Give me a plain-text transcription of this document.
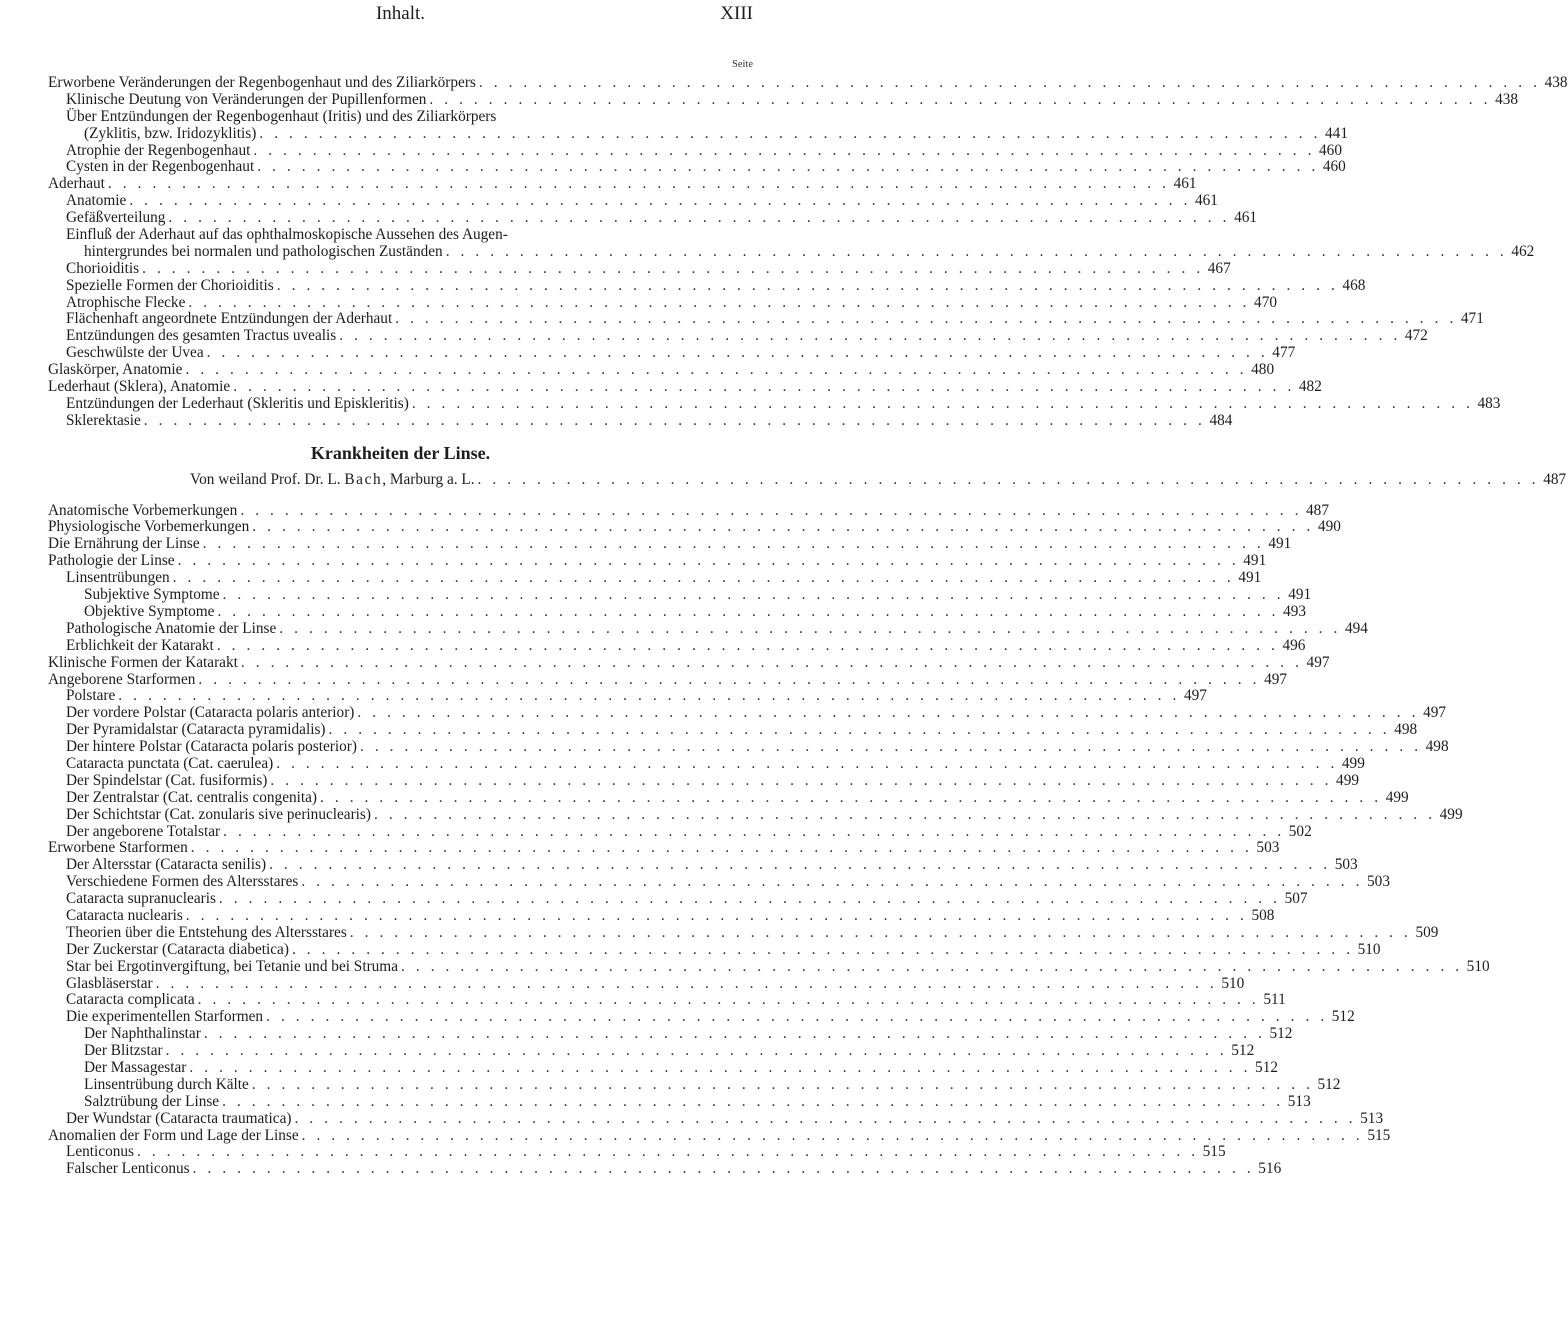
Inhalt.	XIII
Seite
Erworbene Veränderungen der Regenbogenhaut und des Ziliarkörpers . . . . . . . . . . . . . . . . . . . . . . . . . . . . . . . . . . . . . . . . . . . . . . . . . . . . . . . . . . . . . . . . . . . . . . . . 438
Klinische Deutung von Veränderungen der Pupillenformen . . . . . . . . . . . . . . . . . . . . . . . . . . . . . . . . . . . . . . . . . . . . . . . . . . . . . . . . . . . . . . . . . . . . . . . . 438
Über Entzündungen der Regenbogenhaut (Iritis) und des Ziliarkörpers
(Zyklitis, bzw. Iridozyklitis) . . . . . . . . . . . . . . . . . . . . . . . . . . . . . . . . . . . . . . . . . . . . . . . . . . . . . . . . . . . . . . . . . . . . . . . . 441
Atrophie der Regenbogenhaut . . . . . . . . . . . . . . . . . . . . . . . . . . . . . . . . . . . . . . . . . . . . . . . . . . . . . . . . . . . . . . . . . . . . . . . . 460
Cysten in der Regenbogenhaut . . . . . . . . . . . . . . . . . . . . . . . . . . . . . . . . . . . . . . . . . . . . . . . . . . . . . . . . . . . . . . . . . . . . . . . . 460
Aderhaut . . . . . . . . . . . . . . . . . . . . . . . . . . . . . . . . . . . . . . . . . . . . . . . . . . . . . . . . . . . . . . . . . . . . . . . . 461
Anatomie . . . . . . . . . . . . . . . . . . . . . . . . . . . . . . . . . . . . . . . . . . . . . . . . . . . . . . . . . . . . . . . . . . . . . . . . 461
Gefäßverteilung . . . . . . . . . . . . . . . . . . . . . . . . . . . . . . . . . . . . . . . . . . . . . . . . . . . . . . . . . . . . . . . . . . . . . . . . 461
Einfluß der Aderhaut auf das ophthalmoskopische Aussehen des Augen-
hintergrundes bei normalen und pathologischen Zuständen . . . . . . . . . . . . . . . . . . . . . . . . . . . . . . . . . . . . . . . . . . . . . . . . . . . . . . . . . . . . . . . . . . . . . . . . 462
Chorioiditis . . . . . . . . . . . . . . . . . . . . . . . . . . . . . . . . . . . . . . . . . . . . . . . . . . . . . . . . . . . . . . . . . . . . . . . . 467
Spezielle Formen der Chorioiditis . . . . . . . . . . . . . . . . . . . . . . . . . . . . . . . . . . . . . . . . . . . . . . . . . . . . . . . . . . . . . . . . . . . . . . . . 468
Atrophische Flecke . . . . . . . . . . . . . . . . . . . . . . . . . . . . . . . . . . . . . . . . . . . . . . . . . . . . . . . . . . . . . . . . . . . . . . . . 470
Flächenhaft angeordnete Entzündungen der Aderhaut . . . . . . . . . . . . . . . . . . . . . . . . . . . . . . . . . . . . . . . . . . . . . . . . . . . . . . . . . . . . . . . . . . . . . . . . 471
Entzündungen des gesamten Tractus uvealis . . . . . . . . . . . . . . . . . . . . . . . . . . . . . . . . . . . . . . . . . . . . . . . . . . . . . . . . . . . . . . . . . . . . . . . . 472
Geschwülste der Uvea . . . . . . . . . . . . . . . . . . . . . . . . . . . . . . . . . . . . . . . . . . . . . . . . . . . . . . . . . . . . . . . . . . . . . . . . 477
Glaskörper, Anatomie . . . . . . . . . . . . . . . . . . . . . . . . . . . . . . . . . . . . . . . . . . . . . . . . . . . . . . . . . . . . . . . . . . . . . . . . 480
Lederhaut (Sklera), Anatomie . . . . . . . . . . . . . . . . . . . . . . . . . . . . . . . . . . . . . . . . . . . . . . . . . . . . . . . . . . . . . . . . . . . . . . . . 482
Entzündungen der Lederhaut (Skleritis und Episkleritis) . . . . . . . . . . . . . . . . . . . . . . . . . . . . . . . . . . . . . . . . . . . . . . . . . . . . . . . . . . . . . . . . . . . . . . . . 483
Sklerektasie . . . . . . . . . . . . . . . . . . . . . . . . . . . . . . . . . . . . . . . . . . . . . . . . . . . . . . . . . . . . . . . . . . . . . . . . 484
Krankheiten der Linse.
Von weiland Prof. Dr. L. Bach, Marburg a. L. . . . . . . . . . . . . . . . . . . . . . . . . . . . . . . . . . . . . . . . . . . . . . . . . . . . . . . . . . . . . . . . . . . . . . . . . 487
Anatomische Vorbemerkungen . . . . . . . . . . . . . . . . . . . . . . . . . . . . . . . . . . . . . . . . . . . . . . . . . . . . . . . . . . . . . . . . . . . . . . . . 487
Physiologische Vorbemerkungen . . . . . . . . . . . . . . . . . . . . . . . . . . . . . . . . . . . . . . . . . . . . . . . . . . . . . . . . . . . . . . . . . . . . . . . . 490
Die Ernährung der Linse . . . . . . . . . . . . . . . . . . . . . . . . . . . . . . . . . . . . . . . . . . . . . . . . . . . . . . . . . . . . . . . . . . . . . . . . 491
Pathologie der Linse . . . . . . . . . . . . . . . . . . . . . . . . . . . . . . . . . . . . . . . . . . . . . . . . . . . . . . . . . . . . . . . . . . . . . . . . 491
Linsentrübungen . . . . . . . . . . . . . . . . . . . . . . . . . . . . . . . . . . . . . . . . . . . . . . . . . . . . . . . . . . . . . . . . . . . . . . . . 491
Subjektive Symptome . . . . . . . . . . . . . . . . . . . . . . . . . . . . . . . . . . . . . . . . . . . . . . . . . . . . . . . . . . . . . . . . . . . . . . . . 491
Objektive Symptome . . . . . . . . . . . . . . . . . . . . . . . . . . . . . . . . . . . . . . . . . . . . . . . . . . . . . . . . . . . . . . . . . . . . . . . . 493
Pathologische Anatomie der Linse . . . . . . . . . . . . . . . . . . . . . . . . . . . . . . . . . . . . . . . . . . . . . . . . . . . . . . . . . . . . . . . . . . . . . . . . 494
Erblichkeit der Katarakt . . . . . . . . . . . . . . . . . . . . . . . . . . . . . . . . . . . . . . . . . . . . . . . . . . . . . . . . . . . . . . . . . . . . . . . . 496
Klinische Formen der Katarakt . . . . . . . . . . . . . . . . . . . . . . . . . . . . . . . . . . . . . . . . . . . . . . . . . . . . . . . . . . . . . . . . . . . . . . . . 497
Angeborene Starformen . . . . . . . . . . . . . . . . . . . . . . . . . . . . . . . . . . . . . . . . . . . . . . . . . . . . . . . . . . . . . . . . . . . . . . . . 497
Polstare . . . . . . . . . . . . . . . . . . . . . . . . . . . . . . . . . . . . . . . . . . . . . . . . . . . . . . . . . . . . . . . . . . . . . . . . 497
Der vordere Polstar (Cataracta polaris anterior) . . . . . . . . . . . . . . . . . . . . . . . . . . . . . . . . . . . . . . . . . . . . . . . . . . . . . . . . . . . . . . . . . . . . . . . . 497
Der Pyramidalstar (Cataracta pyramidalis) . . . . . . . . . . . . . . . . . . . . . . . . . . . . . . . . . . . . . . . . . . . . . . . . . . . . . . . . . . . . . . . . . . . . . . . . 498
Der hintere Polstar (Cataracta polaris posterior) . . . . . . . . . . . . . . . . . . . . . . . . . . . . . . . . . . . . . . . . . . . . . . . . . . . . . . . . . . . . . . . . . . . . . . . . 498
Cataracta punctata (Cat. caerulea) . . . . . . . . . . . . . . . . . . . . . . . . . . . . . . . . . . . . . . . . . . . . . . . . . . . . . . . . . . . . . . . . . . . . . . . . 499
Der Spindelstar (Cat. fusiformis) . . . . . . . . . . . . . . . . . . . . . . . . . . . . . . . . . . . . . . . . . . . . . . . . . . . . . . . . . . . . . . . . . . . . . . . . 499
Der Zentralstar (Cat. centralis congenita) . . . . . . . . . . . . . . . . . . . . . . . . . . . . . . . . . . . . . . . . . . . . . . . . . . . . . . . . . . . . . . . . . . . . . . . . 499
Der Schichtstar (Cat. zonularis sive perinuclearis) . . . . . . . . . . . . . . . . . . . . . . . . . . . . . . . . . . . . . . . . . . . . . . . . . . . . . . . . . . . . . . . . . . . . . . . . 499
Der angeborene Totalstar . . . . . . . . . . . . . . . . . . . . . . . . . . . . . . . . . . . . . . . . . . . . . . . . . . . . . . . . . . . . . . . . . . . . . . . . 502
Erworbene Starformen . . . . . . . . . . . . . . . . . . . . . . . . . . . . . . . . . . . . . . . . . . . . . . . . . . . . . . . . . . . . . . . . . . . . . . . . 503
Der Altersstar (Cataracta senilis) . . . . . . . . . . . . . . . . . . . . . . . . . . . . . . . . . . . . . . . . . . . . . . . . . . . . . . . . . . . . . . . . . . . . . . . . 503
Verschiedene Formen des Altersstares . . . . . . . . . . . . . . . . . . . . . . . . . . . . . . . . . . . . . . . . . . . . . . . . . . . . . . . . . . . . . . . . . . . . . . . . 503
Cataracta supranuclearis . . . . . . . . . . . . . . . . . . . . . . . . . . . . . . . . . . . . . . . . . . . . . . . . . . . . . . . . . . . . . . . . . . . . . . . . 507
Cataracta nuclearis . . . . . . . . . . . . . . . . . . . . . . . . . . . . . . . . . . . . . . . . . . . . . . . . . . . . . . . . . . . . . . . . . . . . . . . . 508
Theorien über die Entstehung des Altersstares . . . . . . . . . . . . . . . . . . . . . . . . . . . . . . . . . . . . . . . . . . . . . . . . . . . . . . . . . . . . . . . . . . . . . . . . 509
Der Zuckerstar (Cataracta diabetica) . . . . . . . . . . . . . . . . . . . . . . . . . . . . . . . . . . . . . . . . . . . . . . . . . . . . . . . . . . . . . . . . . . . . . . . . 510
Star bei Ergotinvergiftung, bei Tetanie und bei Struma . . . . . . . . . . . . . . . . . . . . . . . . . . . . . . . . . . . . . . . . . . . . . . . . . . . . . . . . . . . . . . . . . . . . . . . . 510
Glasbläserstar . . . . . . . . . . . . . . . . . . . . . . . . . . . . . . . . . . . . . . . . . . . . . . . . . . . . . . . . . . . . . . . . . . . . . . . . 510
Cataracta complicata . . . . . . . . . . . . . . . . . . . . . . . . . . . . . . . . . . . . . . . . . . . . . . . . . . . . . . . . . . . . . . . . . . . . . . . . 511
Die experimentellen Starformen . . . . . . . . . . . . . . . . . . . . . . . . . . . . . . . . . . . . . . . . . . . . . . . . . . . . . . . . . . . . . . . . . . . . . . . . 512
Der Naphthalinstar . . . . . . . . . . . . . . . . . . . . . . . . . . . . . . . . . . . . . . . . . . . . . . . . . . . . . . . . . . . . . . . . . . . . . . . . 512
Der Blitzstar . . . . . . . . . . . . . . . . . . . . . . . . . . . . . . . . . . . . . . . . . . . . . . . . . . . . . . . . . . . . . . . . . . . . . . . . 512
Der Massagestar . . . . . . . . . . . . . . . . . . . . . . . . . . . . . . . . . . . . . . . . . . . . . . . . . . . . . . . . . . . . . . . . . . . . . . . . 512
Linsentrübung durch Kälte . . . . . . . . . . . . . . . . . . . . . . . . . . . . . . . . . . . . . . . . . . . . . . . . . . . . . . . . . . . . . . . . . . . . . . . . 512
Salztrübung der Linse . . . . . . . . . . . . . . . . . . . . . . . . . . . . . . . . . . . . . . . . . . . . . . . . . . . . . . . . . . . . . . . . . . . . . . . . 513
Der Wundstar (Cataracta traumatica) . . . . . . . . . . . . . . . . . . . . . . . . . . . . . . . . . . . . . . . . . . . . . . . . . . . . . . . . . . . . . . . . . . . . . . . . 513
Anomalien der Form und Lage der Linse . . . . . . . . . . . . . . . . . . . . . . . . . . . . . . . . . . . . . . . . . . . . . . . . . . . . . . . . . . . . . . . . . . . . . . . . 515
Lenticonus . . . . . . . . . . . . . . . . . . . . . . . . . . . . . . . . . . . . . . . . . . . . . . . . . . . . . . . . . . . . . . . . . . . . . . . . 515
Falscher Lenticonus . . . . . . . . . . . . . . . . . . . . . . . . . . . . . . . . . . . . . . . . . . . . . . . . . . . . . . . . . . . . . . . . . . . . . . . . 516
